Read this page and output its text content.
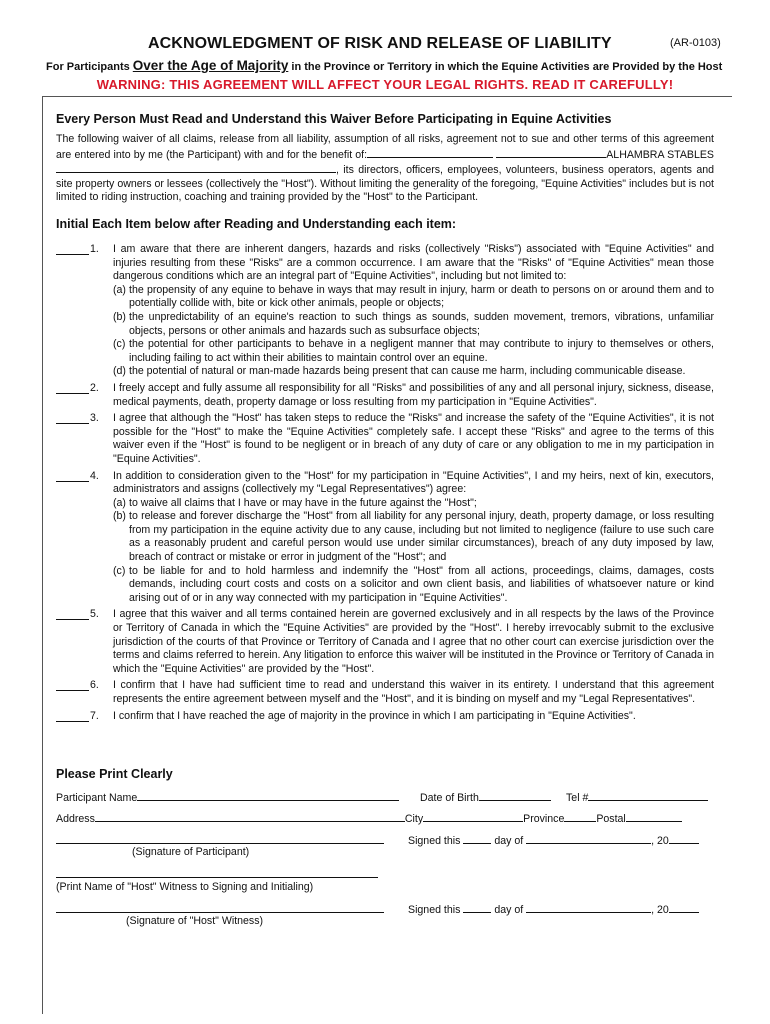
ACKNOWLEDGMENT OF RISK AND RELEASE OF LIABILITY	(AR-0103)
For Participants Over the Age of Majority in the Province or Territory in which the Equine Activities are Provided by the Host
WARNING: THIS AGREEMENT WILL AFFECT YOUR LEGAL RIGHTS. READ IT CAREFULLY!
Every Person Must Read and Understand this Waiver Before Participating in Equine Activities

The following waiver of all claims, release from all liability, assumption of all risks, agreement not to sue and other terms of this agreement are entered into by me (the Participant) with and for the benefit of:	ALHAMBRA STABLES, its directors, officers, employees, volunteers, business operators, agents and site property owners or lessees (collectively the "Host"). Without limiting the generality of the foregoing, "Equine Activities" includes but is not limited to riding instruction, coaching and training provided by the "Host" to the Participant.

Initial Each Item below after Reading and Understanding each item:
1. I am aware that there are inherent dangers, hazards and risks (collectively "Risks") associated with "Equine Activities" and injuries resulting from these "Risks" are a common occurrence. I am aware that the "Risks" of "Equine Activities" mean those dangerous conditions which are an integral part of "Equine Activities", including but not limited to:

(a) the propensity of any equine to behave in ways that may result in injury, harm or death to persons on or around them and to potentially collide with, bite or kick other animals, people or objects;
(b) the unpredictability of an equine's reaction to such things as sounds, sudden movement, tremors, vibrations, unfamiliar objects, persons or other animals and hazards such as subsurface objects;
(c) the potential for other participants to behave in a negligent manner that may contribute to injury to themselves or others, including failing to act within their abilities to maintain control over an equine.
(d) the potential of natural or man-made hazards being present that can cause me harm, including communicable disease.
2. I freely accept and fully assume all responsibility for all "Risks" and possibilities of any and all personal injury, sickness, disease, medical payments, death, property damage or loss resulting from my participation in "Equine Activities".

3. I agree that although the "Host" has taken steps to reduce the "Risks" and increase the safety of the "Equine Activities", it is not possible for the "Host" to make the "Equine Activities" completely safe. I accept these "Risks" and agree to the terms of this waiver even if the "Host" is found to be negligent or in breach of any duty of care or any obligation to me in my participation in "Equine Activities".

4. In addition to consideration given to the "Host" for my participation in "Equine Activities", I and my heirs, next of kin, executors, administrators and assigns (collectively my "Legal Representatives") agree:

(a) to waive all claims that I have or may have in the future against the "Host";
(b) to release and forever discharge the "Host" from all liability for any personal injury, death, property damage, or loss resulting from my participation in the equine activity due to any cause, including but not limited to negligence (failure to use such care as a reasonably prudent and careful person would use under similar circumstances), breach of any duty imposed by law, breach of contract or mistake or error in judgment of the "Host"; and
(c) to be liable for and to hold harmless and indemnify the "Host" from all actions, proceedings, claims, damages, costs demands, including court costs and costs on a solicitor and own client basis, and liabilities of whatsoever nature or kind arising out of or in any way connected with my participation in "Equine Activities".
5. I agree that this waiver and all terms contained herein are governed exclusively and in all respects by the laws of the Province or Territory of Canada in which the "Equine Activities" are provided by the "Host". I hereby irrevocably submit to the exclusive jurisdiction of the courts of that Province or Territory of Canada and I agree that no other court can exercise jurisdiction over the terms and claims referred to herein. Any litigation to enforce this waiver will be instituted in the Province or Territory of Canada in which the "Equine Activities" are provided by the "Host".

6. I confirm that I have had sufficient time to read and understand this waiver in its entirety. I understand that this agreement represents the entire agreement between myself and the "Host", and it is binding on myself and my "Legal Representatives".

7. I confirm that I have reached the age of majority in the province in which I am participating in "Equine Activities".

Please Print Clearly
Participant Name	Date of Birth	Tel #
Address	City	Province	Postal
Signed this	day of	, 20
(Signature of Participant)
(Print Name of "Host" Witness to Signing and Initialing)
Signed this	day of	, 20
(Signature of "Host" Witness)
